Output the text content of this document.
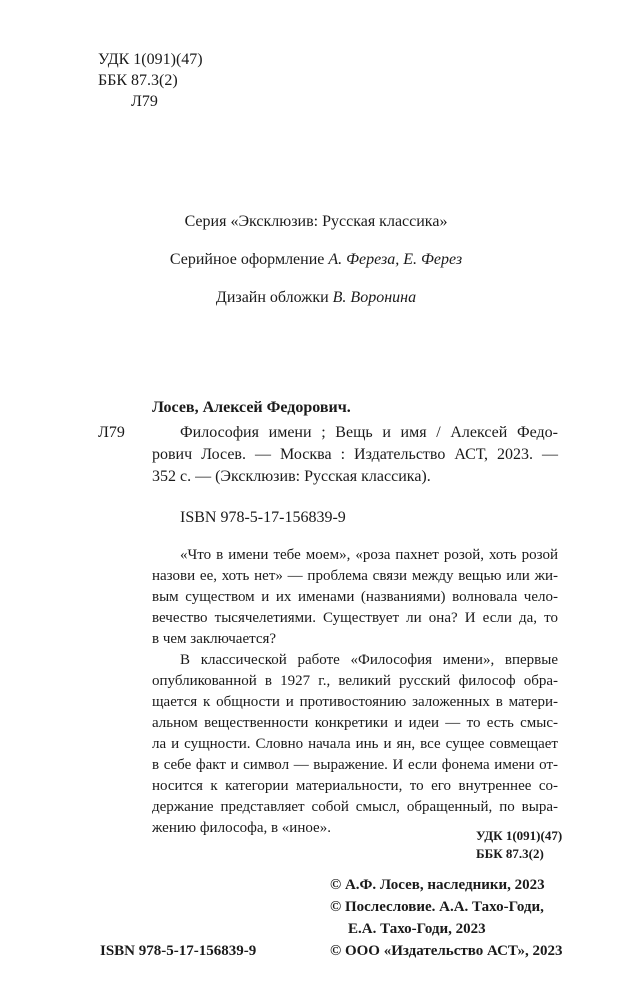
УДК 1(091)(47)
ББК 87.3(2)
Л79
Серия «Эксклюзив: Русская классика»
Серийное оформление А. Фереза, Е. Ферез
Дизайн обложки В. Воронина
Лосев, Алексей Федорович.
Л79	Философия имени ; Вещь и имя / Алексей Федо-
рович Лосев. — Москва : Издательство АСТ, 2023. —
352 с. — (Эксклюзив: Русская классика).
ISBN 978-5-17-156839-9
«Что в имени тебе моем», «роза пахнет розой, хоть розой
назови ее, хоть нет» — проблема связи между вещью или жи-
вым существом и их именами (названиями) волновала чело-
вечество тысячелетиями. Существует ли она? И если да, то
в чем заключается?
В классической работе «Философия имени», впервые
опубликованной в 1927 г., великий русский философ обра-
щается к общности и противостоянию заложенных в матери-
альном вещественности конкретики и идеи — то есть смыс-
ла и сущности. Словно начала инь и ян, все сущее совмещает
в себе факт и символ — выражение. И если фонема имени от-
носится к категории материальности, то его внутреннее со-
держание представляет собой смысл, обращенный, по выра-
жению философа, в «иное».	УДК 1(091)(47)
ББК 87.3(2)
© А.Ф. Лосев, наследники, 2023
© Послесловие. А.А. Тахо-Годи,
Е.А. Тахо-Годи, 2023
© ООО «Издательство АСТ», 2023
ISBN 978-5-17-156839-9
